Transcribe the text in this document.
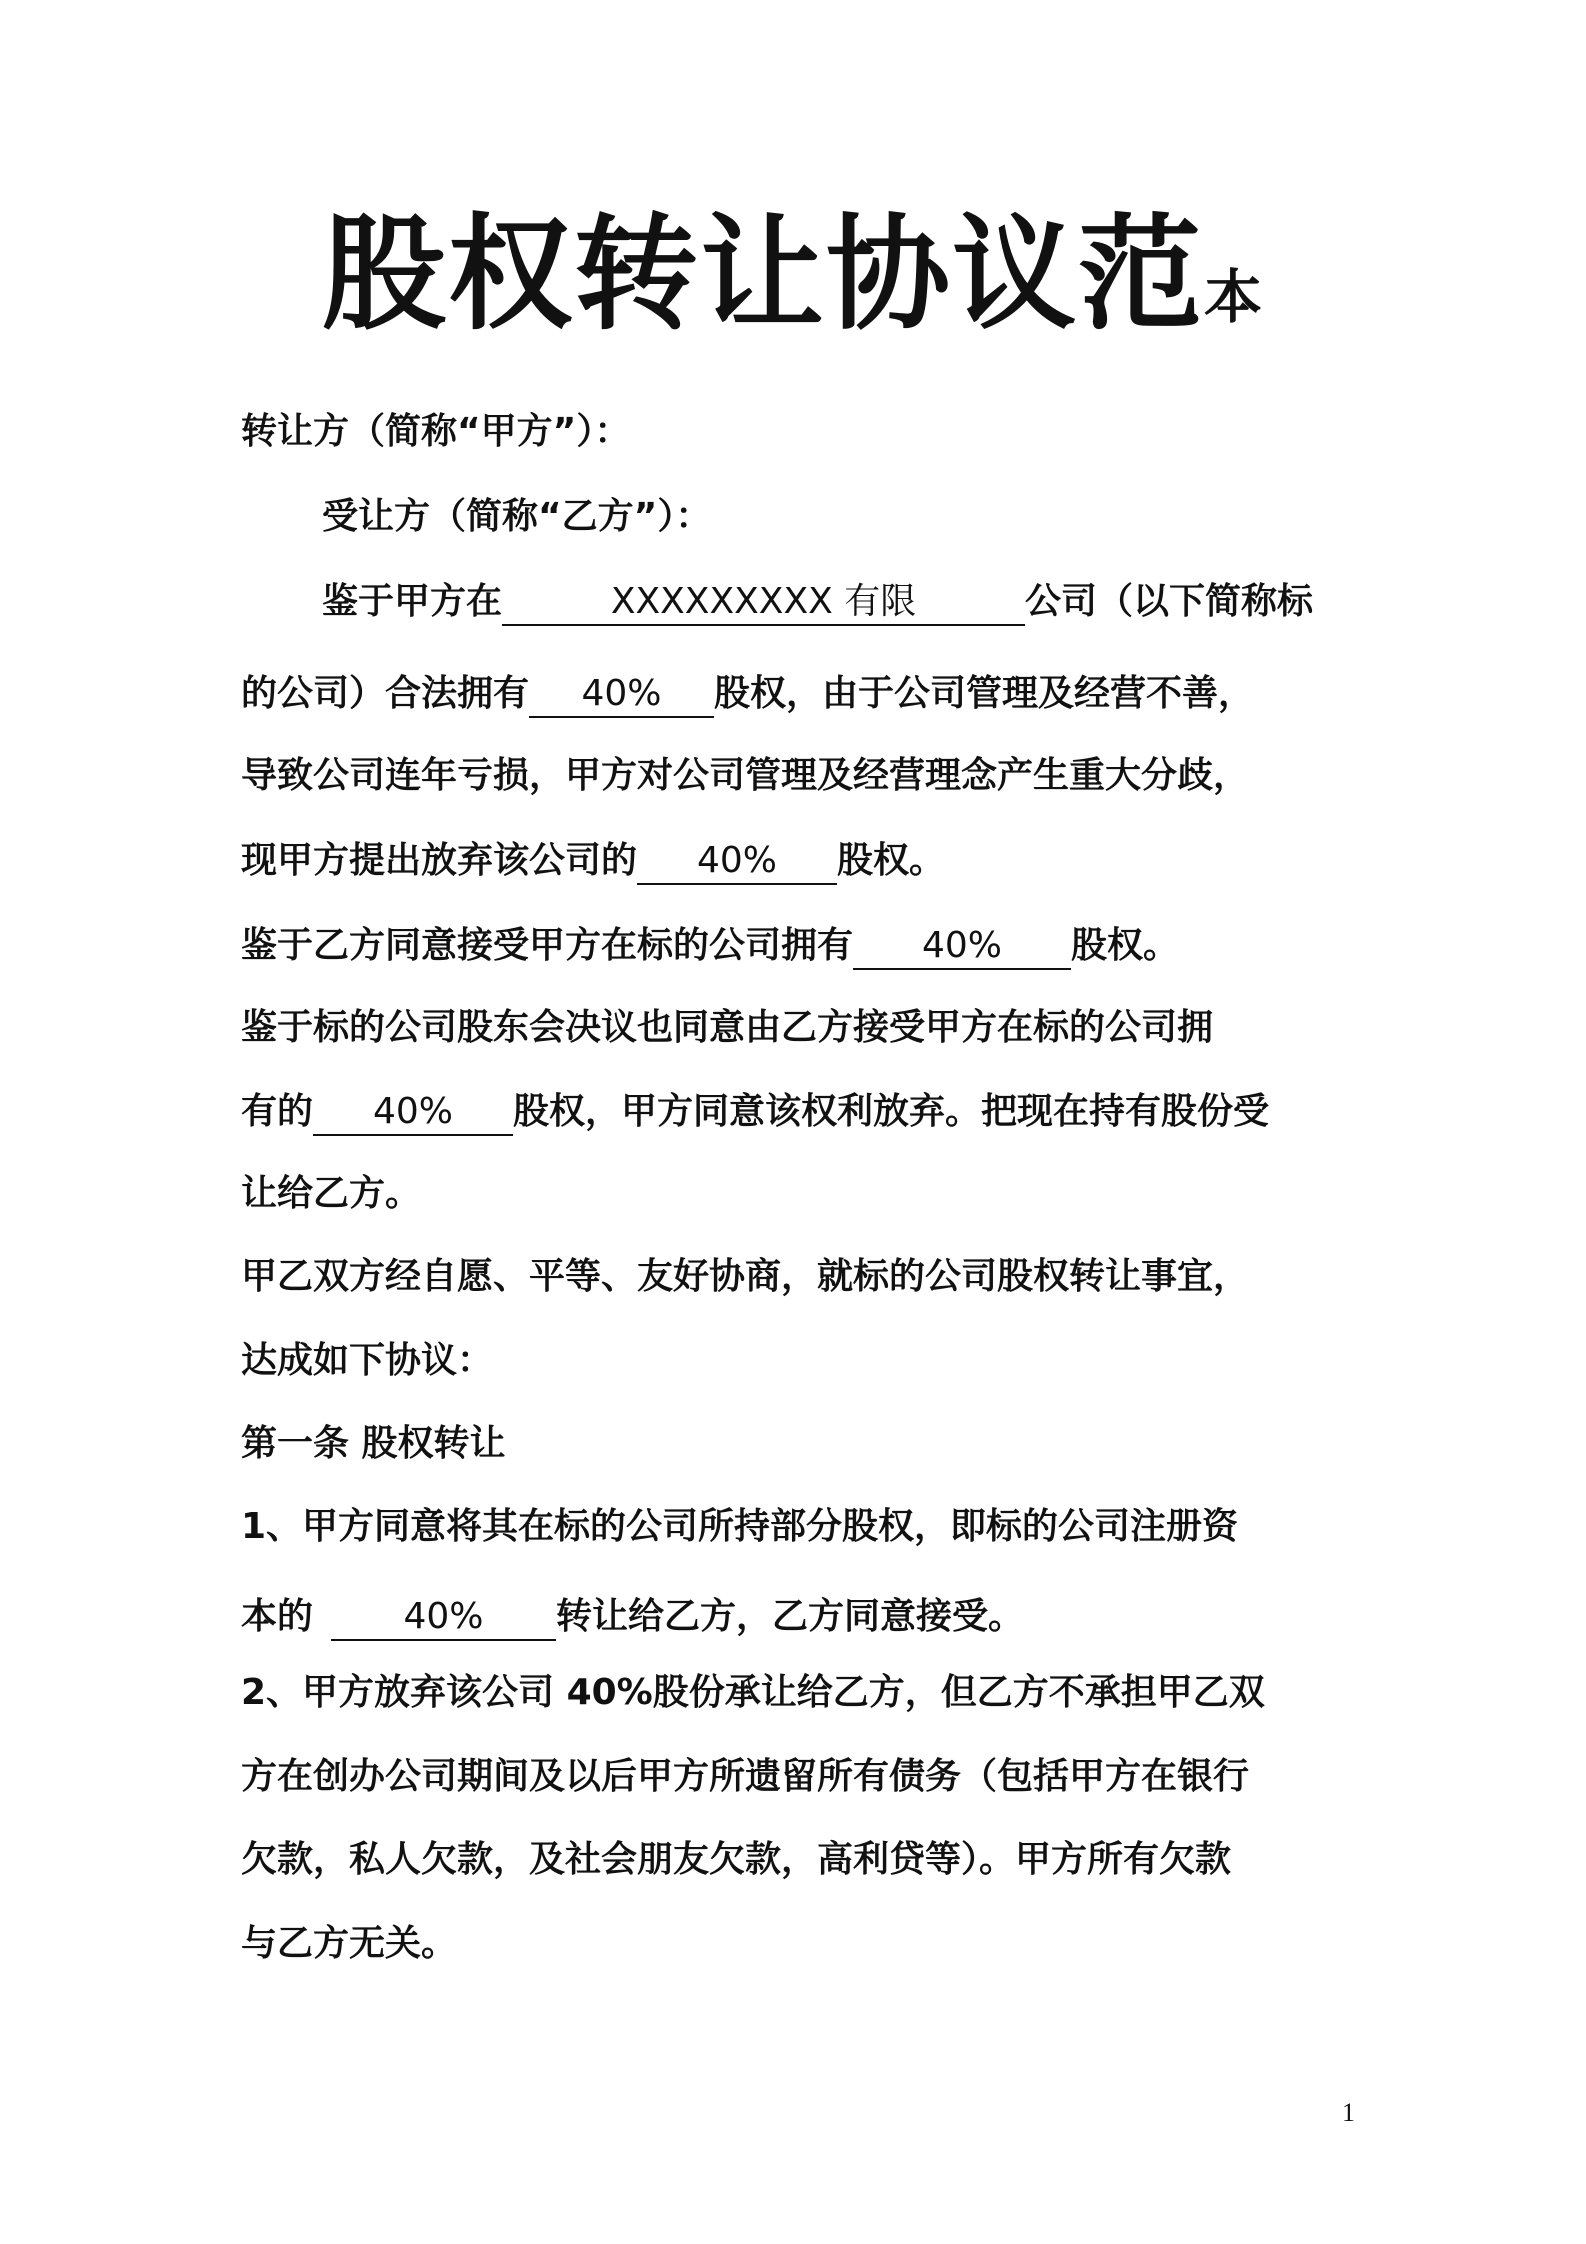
股权转让协议范本
转让方（简称“甲方”）：
受让方（简称“乙方”）：
鉴于甲方在	XXXXXXXXX 有限	公司（以下简称标
的公司）合法拥有 40% 股权，由于公司管理及经营不善，
导致公司连年亏损，甲方对公司管理及经营理念产生重大分歧，
现甲方提出放弃该公司的 40% 股权。
鉴于乙方同意接受甲方在标的公司拥有 40% 股权。
鉴于标的公司股东会决议也同意由乙方接受甲方在标的公司拥
有的 40% 股权，甲方同意该权利放弃。把现在持有股份受
让给乙方。
甲乙双方经自愿、平等、友好协商，就标的公司股权转让事宜，
达成如下协议：
第一条 股权转让
1、甲方同意将其在标的公司所持部分股权，即标的公司注册资
本的	40% 转让给乙方，乙方同意接受。
2、甲方放弃该公司 40%股份承让给乙方，但乙方不承担甲乙双
方在创办公司期间及以后甲方所遗留所有债务（包括甲方在银行
欠款，私人欠款，及社会朋友欠款，高利贷等）。甲方所有欠款
与乙方无关。
1
